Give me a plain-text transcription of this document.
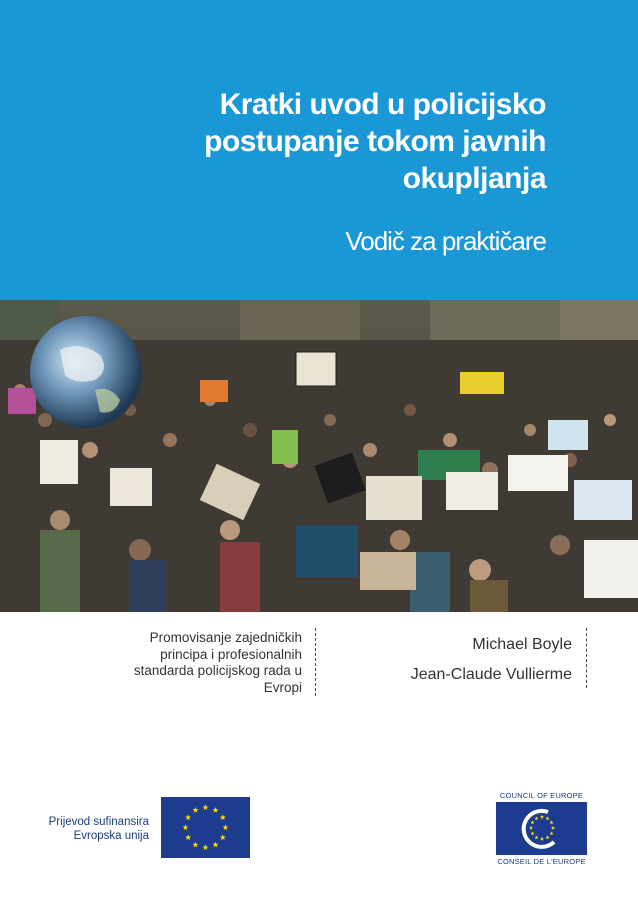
Kratki uvod u policijsko
postupanje tokom javnih
okupljanja
Vodič za praktičare
Promovisanje zajedničkih
principa i profesionalnih
standarda policijskog rada u
Evropi
Michael Boyle
Jean-Claude Vullierme
Prijevod sufinansira
Evropska unija
COUNCIL OF EUROPE
CONSEIL DE L'EUROPE
